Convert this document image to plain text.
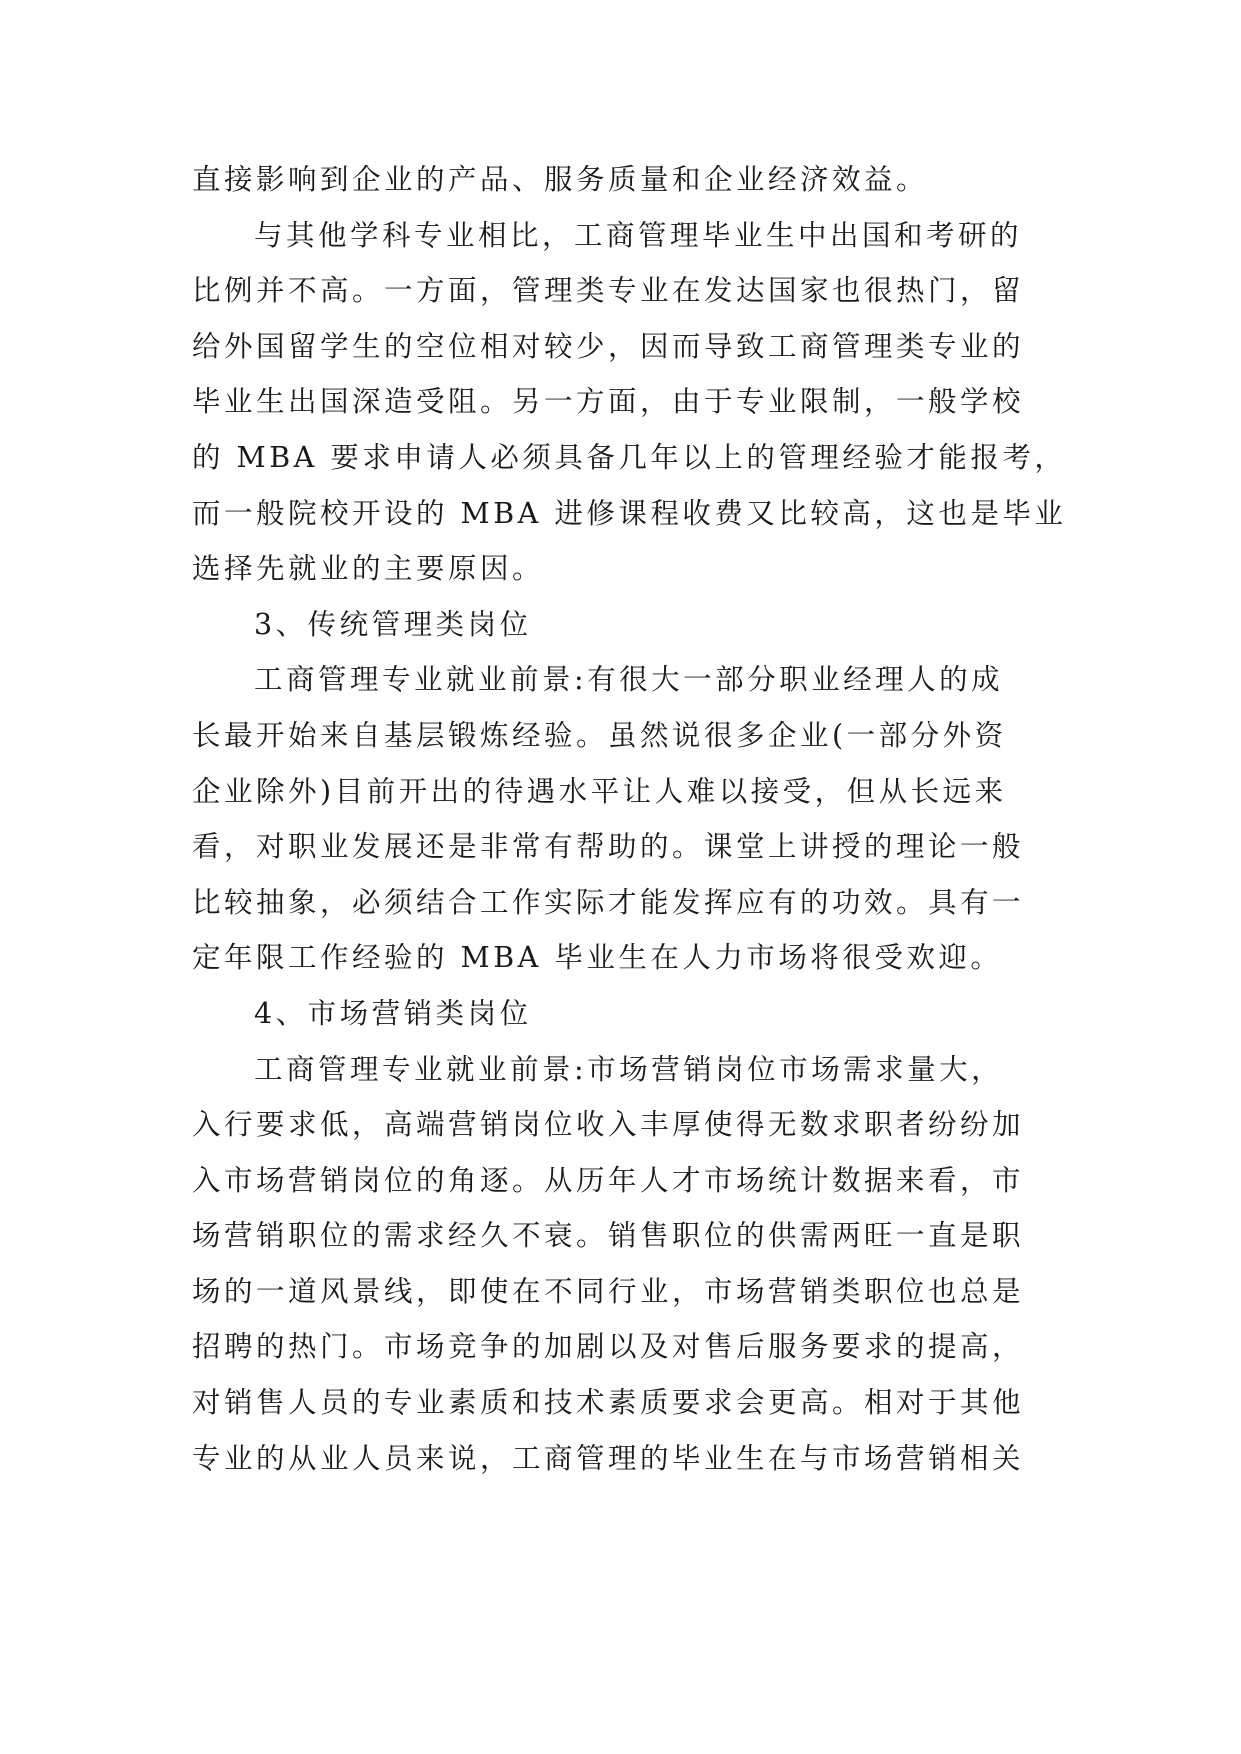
直接影响到企业的产品、服务质量和企业经济效益。
与其他学科专业相比，工商管理毕业生中出国和考研的
比例并不高。一方面，管理类专业在发达国家也很热门，留
给外国留学生的空位相对较少，因而导致工商管理类专业的
毕业生出国深造受阻。另一方面，由于专业限制，一般学校
的 MBA 要求申请人必须具备几年以上的管理经验才能报考，
而一般院校开设的 MBA 进修课程收费又比较高，这也是毕业
选择先就业的主要原因。
3、传统管理类岗位
工商管理专业就业前景:有很大一部分职业经理人的成
长最开始来自基层锻炼经验。虽然说很多企业(一部分外资
企业除外)目前开出的待遇水平让人难以接受，但从长远来
看，对职业发展还是非常有帮助的。课堂上讲授的理论一般
比较抽象，必须结合工作实际才能发挥应有的功效。具有一
定年限工作经验的 MBA 毕业生在人力市场将很受欢迎。
4、市场营销类岗位
工商管理专业就业前景:市场营销岗位市场需求量大，
入行要求低，高端营销岗位收入丰厚使得无数求职者纷纷加
入市场营销岗位的角逐。从历年人才市场统计数据来看，市
场营销职位的需求经久不衰。销售职位的供需两旺一直是职
场的一道风景线，即使在不同行业，市场营销类职位也总是
招聘的热门。市场竞争的加剧以及对售后服务要求的提高，
对销售人员的专业素质和技术素质要求会更高。相对于其他
专业的从业人员来说，工商管理的毕业生在与市场营销相关
